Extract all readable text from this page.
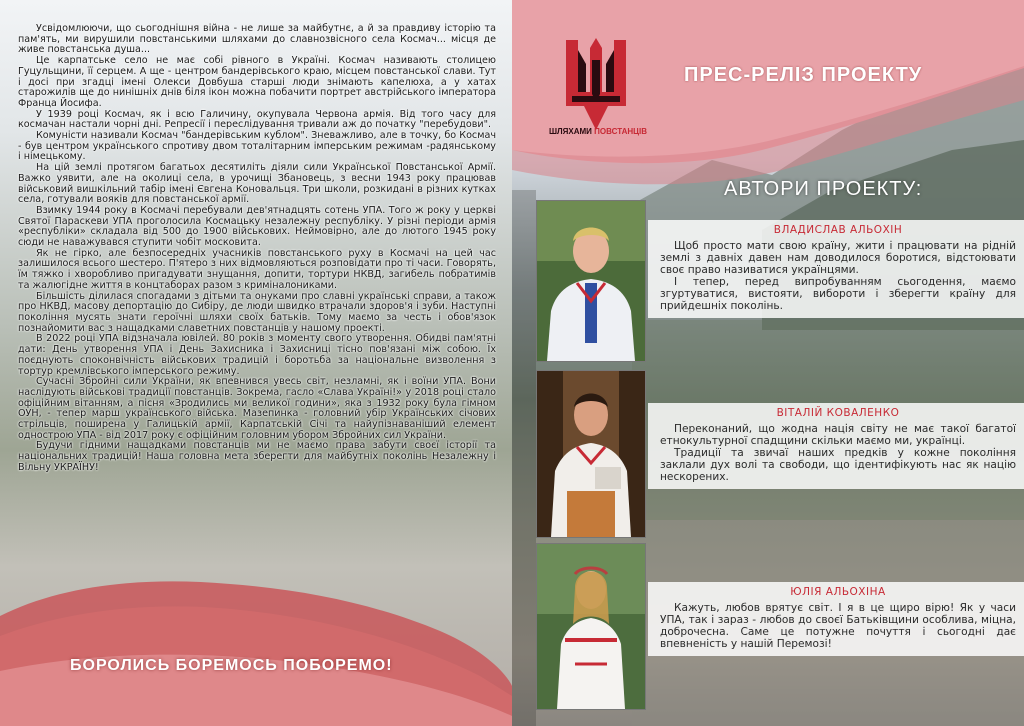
Усвідомлюючи, що сьогоднішня війна - не лише за майбутнє, а й за правдиву історію та пам'ять, ми вирушили повстанськими шляхами до славнозвісного села Космач... місця де живе повстанська душа...

Це карпатське село не має собі рівного в Україні. Космач називають столицею Гуцульщини, її серцем. А ще - центром бандерівського краю, місцем повстанської слави. Тут і досі при згадці імені Олекси Довбуша старші люди знімають капелюха, а у хатах старожилів ще до нинішніх днів біля ікон можна побачити портрет австрійського імператора Франца Йосифа.

У 1939 році Космач, як і всю Галичину, окупувала Червона армія. Від того часу для космачан настали чорні дні. Репресії і переслідування тривали аж до початку "перебудови".

Комуністи називали Космач "бандерівським кублом". Зневажливо, але в точку, бо Космач - був центром українського спротиву двом тоталітарним імперським режимам -радянському і німецькому.

На цій землі протягом багатьох десятиліть діяли сили Української Повстанської Армії. Важко уявити, але на околиці села, в урочищі Збановець, з весни 1943 року працював військовий вишкільний табір імені Євгена Коновальця. Три школи, розкидані в різних кутках села, готували вояків для повстанської армії.

Взимку 1944 року в Космачі перебували дев'ятнадцять сотень УПА. Того ж року у церкві Святої Параскеви УПА проголосила Космацьку незалежну республіку. У різні періоди армія «республіки» складала від 500 до 1900 військових. Неймовірно, але до лютого 1945 року сюди не наважувався ступити чобіт московита.

Як не гірко, але безпосередніх учасників повстанського руху в Космачі на цей час залишилося всього шестеро. П'ятеро з них відмовляються розповідати про ті часи. Говорять, їм тяжко і хворобливо пригадувати знущання, допити, тортури НКВД, загибель побратимів та жалюгідне життя в концтаборах разом з криміналониками.

Більшість ділилася спогадами з дітьми та онуками про славні українські справи, а також про НКВД, масову депортацію до Сибіру, де люди швидко втрачали здоров'я і зуби. Наступні покоління мусять знати героїчні шляхи своїх батьків. Тому маємо за честь і обов'язок познайомити вас з нащадками славетних повстанців у нашому проекті.

В 2022 році УПА відзначала ювілей. 80 років з моменту свого утворення. Обидві пам'ятні дати: День утворення УПА і День Захисника і Захисниці тісно пов'язані між собою. Їх поєднують споконвічність військових традицій і боротьба за національне визволення з тортур кремлівського імперського режиму.

Сучасні Збройні сили України, як впевнився увесь світ, незламні, як і воїни УПА. Вони наслідують військові традиції повстанців. Зокрема, гасло «Слава Україні!» у 2018 році стало офіційним вітанням, а пісня «Зродились ми великої години», яка з 1932 року була гімном ОУН, - тепер марш українського війська. Мазепинка - головний убір Українських січових стрільців, поширена у Галицькій армії, Карпатській Січі та найупізнаваніший елемент однострою УПА - від 2017 року є офіційним головним убором Збройних сил України.

Будучи гідними нащадками повстанців ми не маємо права забути своєї історії та національних традицій! Наша головна мета зберегти для майбутніх поколінь Незалежну і Вільну УКРАЇНУ!

БОРОЛИСЬ БОРЕМОСЬ ПОБОРЕМО!
ШЛЯХАМИ ПОВСТАНЦІВ
ПРЕС-РЕЛІЗ ПРОЕКТУ
АВТОРИ ПРОЕКТУ:
ВЛАДИСЛАВ АЛЬОХІН

Щоб просто мати свою країну, жити і працювати на рідній землі з давніх давен нам доводилося боротися, відстоювати своє право називатися українцями.

І тепер, перед випробуванням сьогодення, маємо згуртуватися, вистояти, вибороти і зберегти країну для прийдешніх поколінь.

ВІТАЛІЙ КОВАЛЕНКО

Переконаний, що жодна нація світу не має такої багатої етнокультурної спадщини скільки маємо ми, українці.

Традиції та звичаї наших предків у кожне покоління заклали дух волі та свободи, що ідентифікують нас як націю нескорених.

ЮЛІЯ АЛЬОХІНА

Кажуть, любов врятує світ. І я в це щиро вірю! Як у часи УПА, так і зараз - любов до своєї Батьківщини особлива, міцна, доброчесна. Саме це потужне почуття і сьогодні дає впевненість у нашій Перемозі!
